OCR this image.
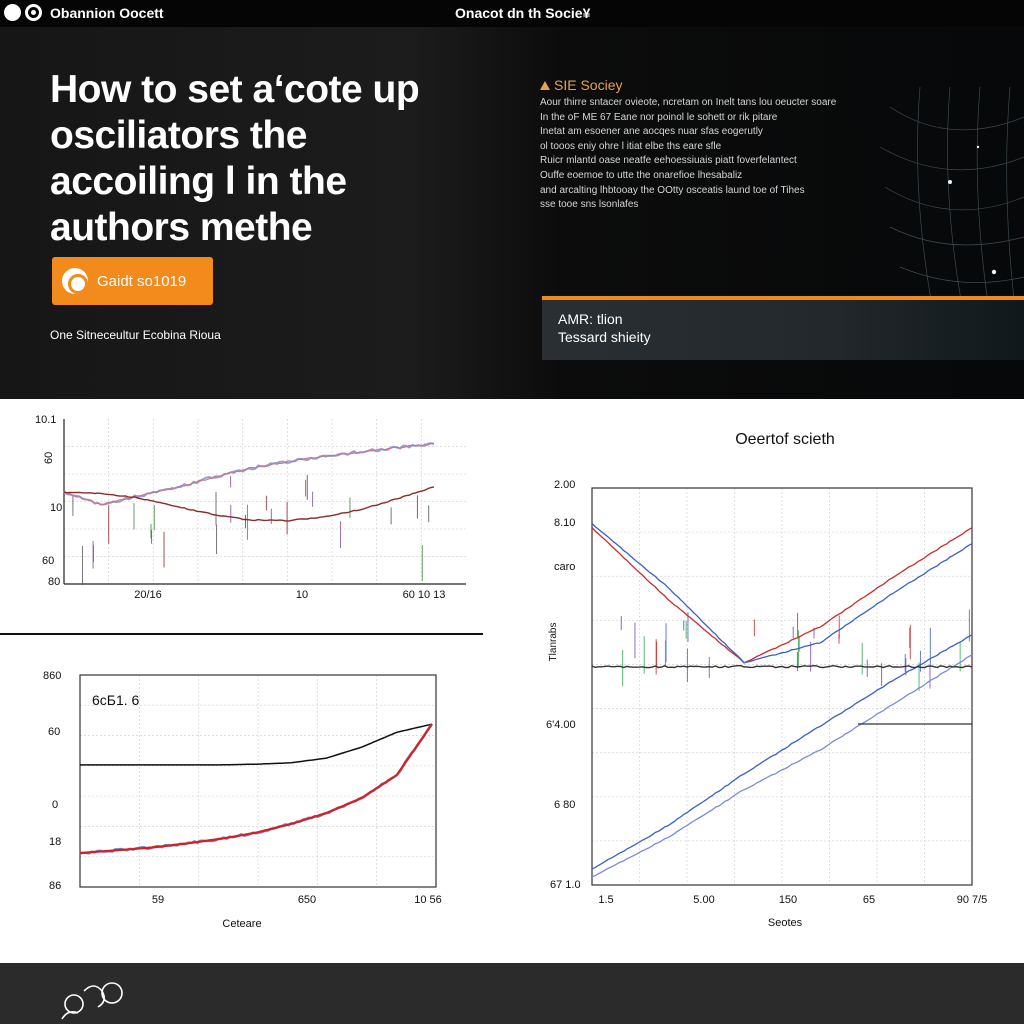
Obannion Oocett	Onacot dn th Socie¥
How to set aʻcote up osciliators the accoiling l in the authors methe
Gaidt so1019
One Sitneceultur Ecobina Rioua
SIE Sociey
Aour thirre sntacer ovieote, ncretam on Inelt tans lou oeucter soare
In the oF ME 67 Eane nor poinol le sohett or rik pitare
Inetat am esoener ane aocqes nuar sfas eogerutly
ol tooos eniy ohre l itiat elbe ths eare sfle
Ruicr mlantd oase neatfe eehoessiuais piatt foverfelantect
Ouffe eoemoe to utte the onarefioe lhesabaliz
and arcalting lhbtooay the OOtty osceatis laund toe of Tihes
sse tooe sns lsonlafes
AMR: tlion
Tessard shieity
10.1
10
60
80
60
20/16	10	60 10 13
860
60
0
18
86
59	650	10 56
6сБ1. 6
Ceteare
Oeertof scieth
2.00
8.10
caro
6'4.00
6 80
67 1.0
1.5	5.00	150	65	90 7/5
Tlanrabs
Seotes
